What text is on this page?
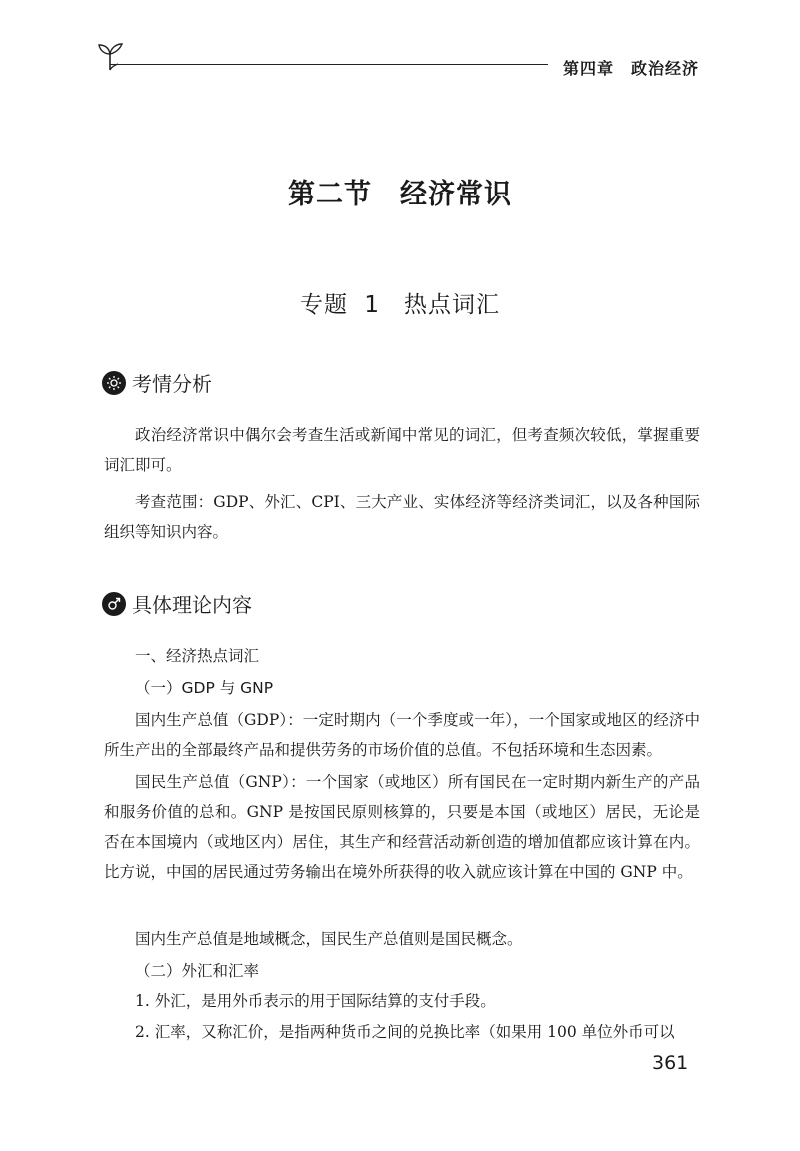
第四章　政治经济
第二节　经济常识
专题 1　热点词汇
考情分析
政治经济常识中偶尔会考查生活或新闻中常见的词汇，但考查频次较低，掌握重要词汇即可。
考查范围：GDP、外汇、CPI、三大产业、实体经济等经济类词汇，以及各种国际组织等知识内容。
具体理论内容
一、经济热点词汇
（一）GDP 与 GNP
国内生产总值（GDP）：一定时期内（一个季度或一年），一个国家或地区的经济中所生产出的全部最终产品和提供劳务的市场价值的总值。不包括环境和生态因素。
国民生产总值（GNP）：一个国家（或地区）所有国民在一定时期内新生产的产品和服务价值的总和。GNP 是按国民原则核算的，只要是本国（或地区）居民，无论是否在本国境内（或地区内）居住，其生产和经营活动新创造的增加值都应该计算在内。比方说，中国的居民通过劳务输出在境外所获得的收入就应该计算在中国的 GNP 中。
国内生产总值是地域概念，国民生产总值则是国民概念。
（二）外汇和汇率
1. 外汇，是用外币表示的用于国际结算的支付手段。
2. 汇率，又称汇价，是指两种货币之间的兑换比率（如果用 100 单位外币可以
361
